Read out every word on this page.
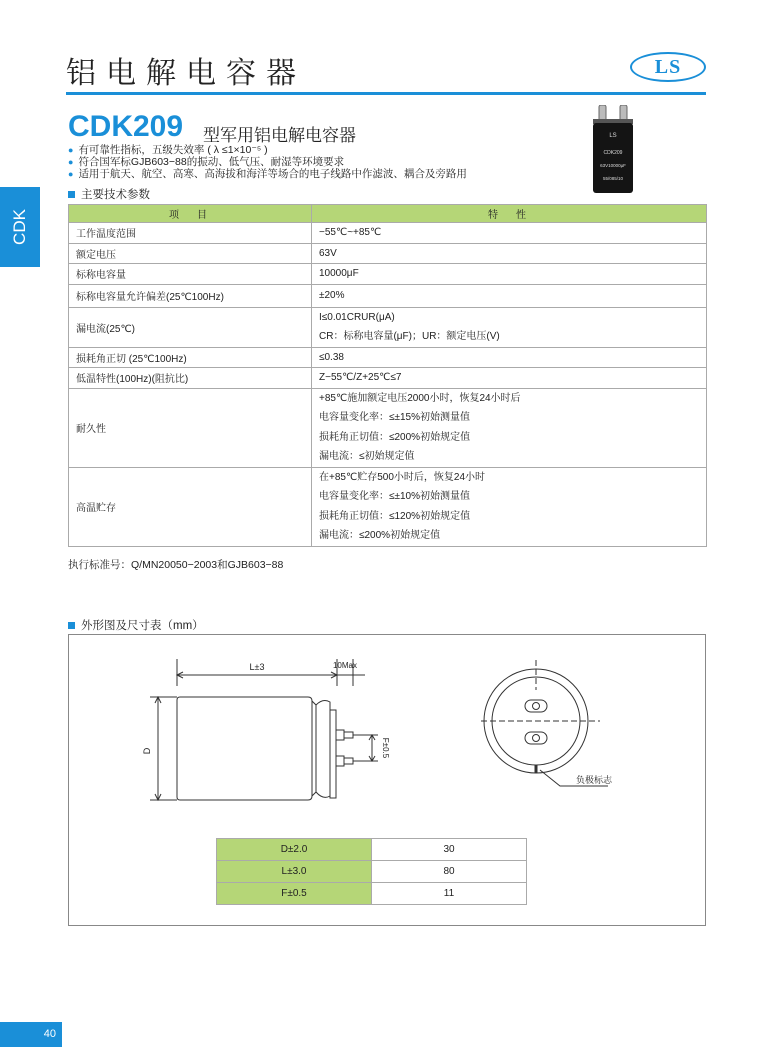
铝电解电容器	LS
CDK
CDK209 型军用铝电解电容器
● 有可靠性指标，五级失效率 ( λ ≤1×10⁻⁵ )
● 符合国军标GJB603−88的振动、低气压、耐湿等环境要求
● 适用于航天、航空、高寒、高海拔和海洋等场合的电子线路中作滤波、耦合及旁路用
LS
CDK209
63V10000μF
55/085/10
主要技术参数
项　目	特　性
工作温度范围	−55℃~+85℃

额定电压	63V

标称电容量	10000μF

标称电容量允许偏差(25℃100Hz)	±20%

漏电流(25℃)	I≤0.01CRUR(μA)
CR：标称电容量(μF)；UR：额定电压(V)

损耗角正切 (25℃100Hz)	≤0.38

低温特性(100Hz)(阻抗比)	Z−55℃/Z+25℃≤7

耐久性	+85℃施加额定电压2000小时，恢复24小时后
电容量变化率：≤±15%初始测量值
损耗角正切值：≤200%初始规定值
漏电流：≤初始规定值

高温贮存	在+85℃贮存500小时后，恢复24小时
电容量变化率：≤±10%初始测量值
损耗角正切值：≤120%初始规定值
漏电流：≤200%初始规定值
执行标准号：Q/MN20050−2003和GJB603−88
外形图及尺寸表（mm）
L±3	10Max
D	F±0.5
负极标志
D±2.0	30
L±3.0	80
F±0.5	11
40
